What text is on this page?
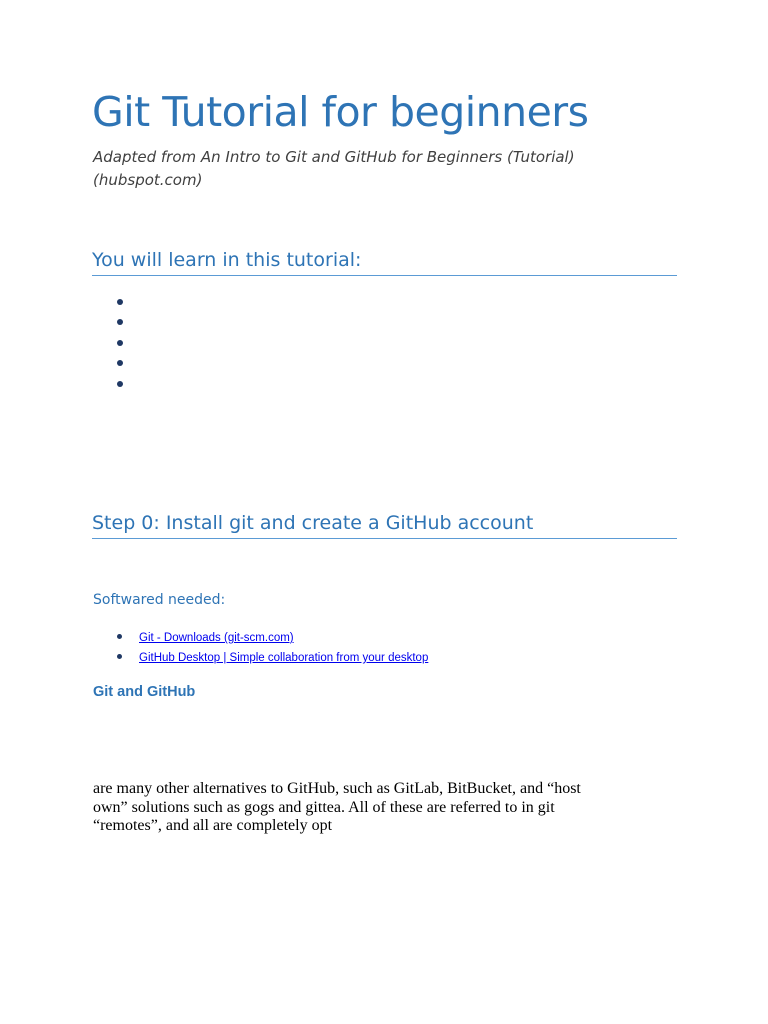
Git Tutorial for beginners

Adapted from An Intro to Git and GitHub for Beginners (Tutorial) (hubspot.com)

You will learn in this tutorial:
Step 0: Install git and create a GitHub account
Softwared needed:
Git - Downloads (git-scm.com)
GitHub Desktop | Simple collaboration from your desktop
Git and GitHub
are many other alternatives to GitHub, such as GitLab, BitBucket, and “host
own” solutions such as gogs and gittea. All of these are referred to in git
“remotes”, and all are completely opt
